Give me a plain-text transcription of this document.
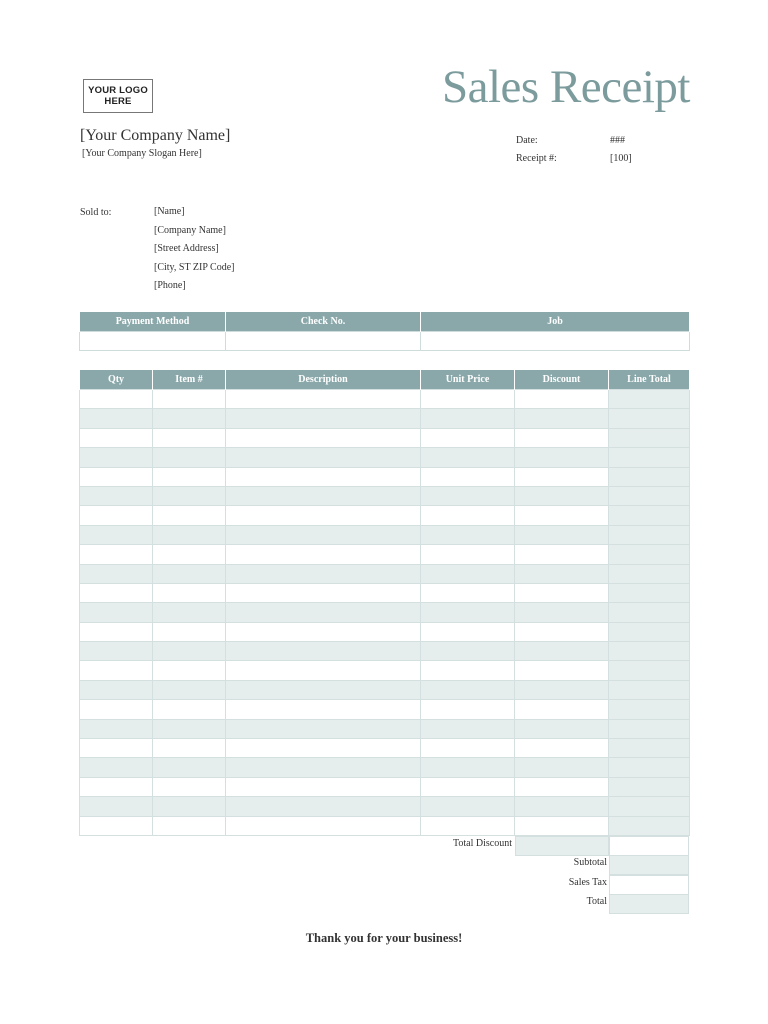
YOUR LOGO
HERE	Sales Receipt
[Your Company Name]
[Your Company Slogan Here]
Date:	###
Receipt #:	[100]
Sold to:	[Name]
[Company Name]
[Street Address]
[City, ST ZIP Code]
[Phone]
Payment Method	Check No.	Job

Qty	Item #	Description	Unit Price	Discount	Line Total

Total Discount
Subtotal
Sales Tax
Total
Thank you for your business!
